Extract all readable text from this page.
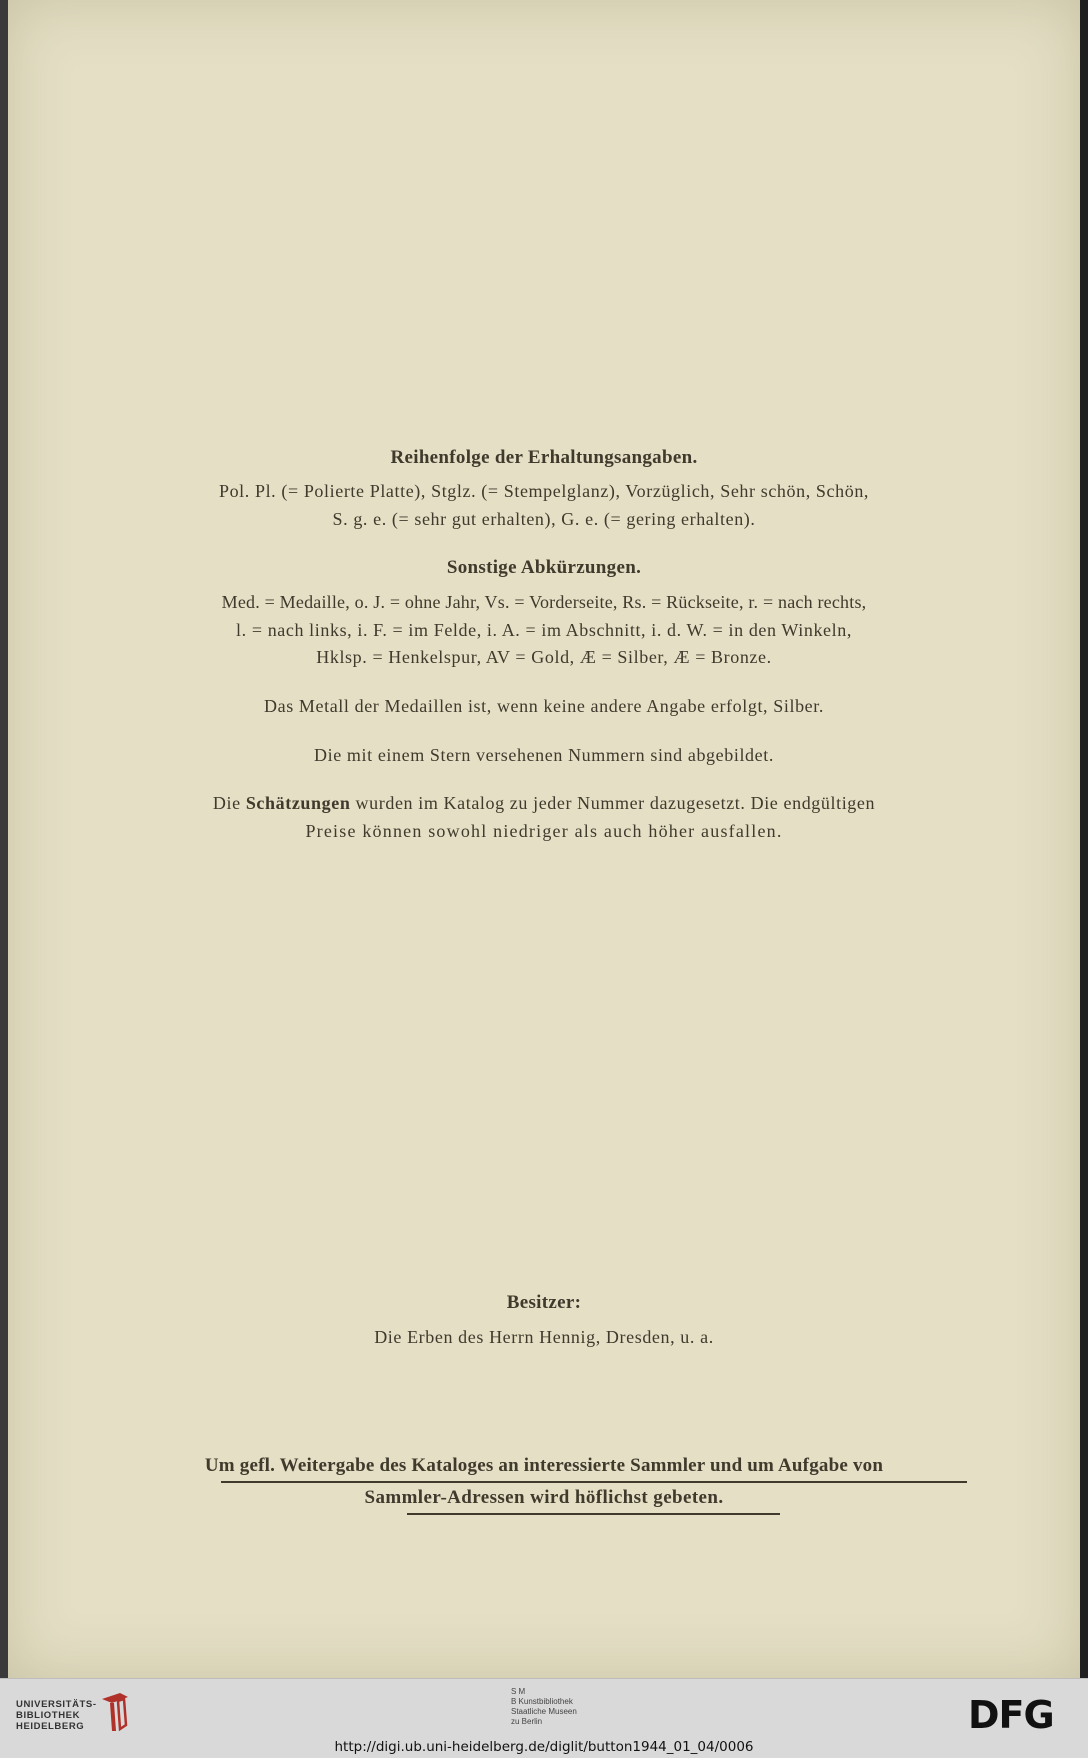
Reihenfolge der Erhaltungsangaben.
Pol. Pl. (= Polierte Platte), Stglz. (= Stempelglanz), Vorzüglich, Sehr schön, Schön,
S. g. e. (= sehr gut erhalten), G. e. (= gering erhalten).
Sonstige Abkürzungen.
Med. = Medaille, o. J. = ohne Jahr, Vs. = Vorderseite, Rs. = Rückseite, r. = nach rechts,
l. = nach links, i. F. = im Felde, i. A. = im Abschnitt, i. d. W. = in den Winkeln,
Hklsp. = Henkelspur, AV = Gold, Æ = Silber, Æ = Bronze.
Das Metall der Medaillen ist, wenn keine andere Angabe erfolgt, Silber.
Die mit einem Stern versehenen Nummern sind abgebildet.
Die Schätzungen wurden im Katalog zu jeder Nummer dazugesetzt. Die endgültigen
Preise können sowohl niedriger als auch höher ausfallen.
Besitzer:
Die Erben des Herrn Hennig, Dresden, u. a.
Um gefl. Weitergabe des Kataloges an interessierte Sammler und um Aufgabe von
Sammler-Adressen wird höflichst gebeten.
UNIVERSITÄTS-
BIBLIOTHEK
HEIDELBERG
S M
B Kunstbibliothek
Staatliche Museen
zu Berlin	DFG
http://digi.ub.uni-heidelberg.de/diglit/button1944_01_04/0006
